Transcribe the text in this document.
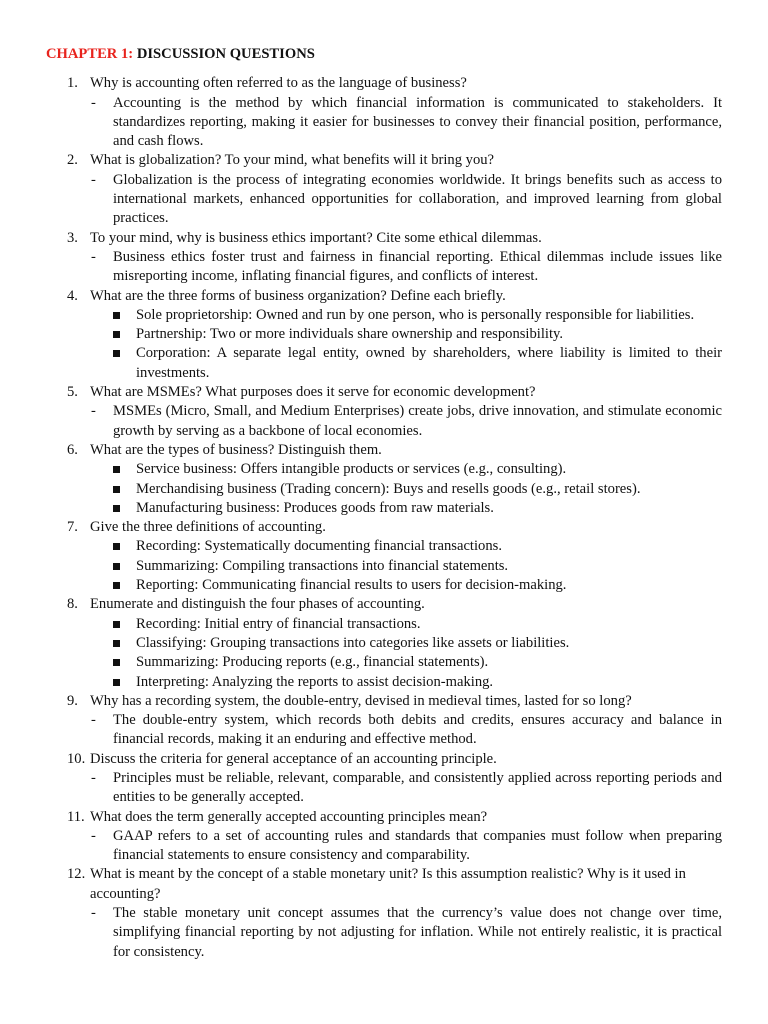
CHAPTER 1: DISCUSSION QUESTIONS
1. Why is accounting often referred to as the language of business?
- Accounting is the method by which financial information is communicated to stakeholders. It standardizes reporting, making it easier for businesses to convey their financial position, performance, and cash flows.
2. What is globalization? To your mind, what benefits will it bring you?
- Globalization is the process of integrating economies worldwide. It brings benefits such as access to international markets, enhanced opportunities for collaboration, and improved learning from global practices.
3. To your mind, why is business ethics important? Cite some ethical dilemmas.
- Business ethics foster trust and fairness in financial reporting. Ethical dilemmas include issues like misreporting income, inflating financial figures, and conflicts of interest.
4. What are the three forms of business organization? Define each briefly.
Sole proprietorship: Owned and run by one person, who is personally responsible for liabilities.
Partnership: Two or more individuals share ownership and responsibility.
Corporation: A separate legal entity, owned by shareholders, where liability is limited to their investments.
5. What are MSMEs? What purposes does it serve for economic development?
- MSMEs (Micro, Small, and Medium Enterprises) create jobs, drive innovation, and stimulate economic growth by serving as a backbone of local economies.
6. What are the types of business? Distinguish them.
Service business: Offers intangible products or services (e.g., consulting).
Merchandising business (Trading concern): Buys and resells goods (e.g., retail stores).
Manufacturing business: Produces goods from raw materials.
7. Give the three definitions of accounting.
Recording: Systematically documenting financial transactions.
Summarizing: Compiling transactions into financial statements.
Reporting: Communicating financial results to users for decision-making.
8. Enumerate and distinguish the four phases of accounting.
Recording: Initial entry of financial transactions.
Classifying: Grouping transactions into categories like assets or liabilities.
Summarizing: Producing reports (e.g., financial statements).
Interpreting: Analyzing the reports to assist decision-making.
9. Why has a recording system, the double-entry, devised in medieval times, lasted for so long?
- The double-entry system, which records both debits and credits, ensures accuracy and balance in financial records, making it an enduring and effective method.
10. Discuss the criteria for general acceptance of an accounting principle.
- Principles must be reliable, relevant, comparable, and consistently applied across reporting periods and entities to be generally accepted.
11. What does the term generally accepted accounting principles mean?
- GAAP refers to a set of accounting rules and standards that companies must follow when preparing financial statements to ensure consistency and comparability.
12. What is meant by the concept of a stable monetary unit? Is this assumption realistic? Why is it used in accounting?
- The stable monetary unit concept assumes that the currency’s value does not change over time, simplifying financial reporting by not adjusting for inflation. While not entirely realistic, it is practical for consistency.
